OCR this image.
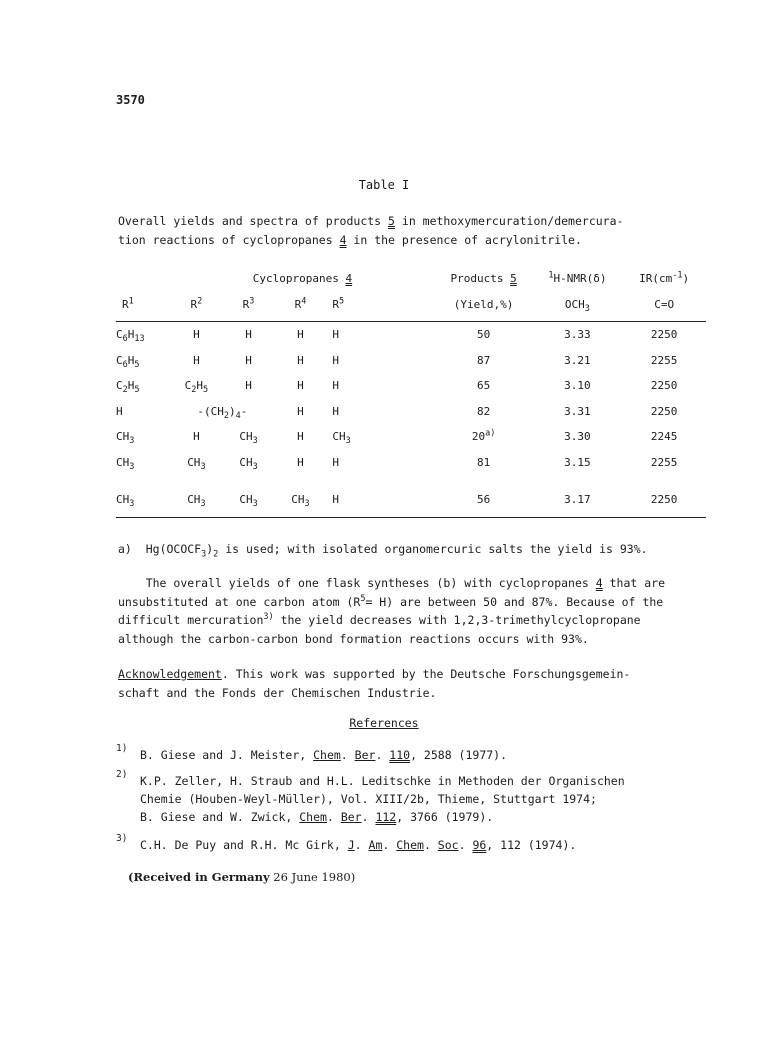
3570
Table I
Overall yields and spectra of products 5 in methoxymercuration/demercura-
tion reactions of cyclopropanes 4 in the presence of acrylonitrile.
	Cyclopropanes 4					Products 5	$^1$H-NMR(δ)	$IR(cm^{-1})$
$R^1$	$R^2$	$R^3$	$R^4$	$R^5$		(Yield,%)	$OCH_3$	C=O
$C_6H_{13}$	H	H	H	H		50	3.33	2250
$C_6H_5$	H	H	H	H		87	3.21	2255
$C_2H_5$	$C_2H_5$	H	H	H		65	3.10	2250
H	$-(CH_2)_4-$		H	H		82	3.31	2250
$CH_3$	H	$CH_3$	H	$CH_3$		20$^{a)}$	3.30	2245
$CH_3$	$CH_3$	$CH_3$	H	H		81	3.15	2255
$CH_3$	$CH_3$	$CH_3$	$CH_3$	H		56	3.17	2250
a) $Hg(OCOCF_3)_2$ is used; with isolated organomercuric salts the yield is 93%.
The overall yields of one flask syntheses (b) with cyclopropanes 4 that are
unsubstituted at one carbon atom $(R^5= H)$ are between 50 and 87%. Because of the
difficult mercuration$^{3)}$ the yield decreases with 1,2,3-trimethylcyclopropane
although the carbon-carbon bond formation reactions occurs with 93%.
Acknowledgement. This work was supported by the Deutsche Forschungsgemein-
schaft and the Fonds der Chemischen Industrie.
References
1) B. Giese and J. Meister, Chem. Ber. 110, 2588 (1977).
2) K.P. Zeller, H. Straub and H.L. Leditschke in Methoden der Organischen
Chemie (Houben-Weyl-Müller), Vol. XIII/2b, Thieme, Stuttgart 1974;
B. Giese and W. Zwick, Chem. Ber. 112, 3766 (1979).
3) C.H. De Puy and R.H. Mc Girk, J. Am. Chem. Soc. 96, 112 (1974).
(Received in Germany 26 June 1980)
